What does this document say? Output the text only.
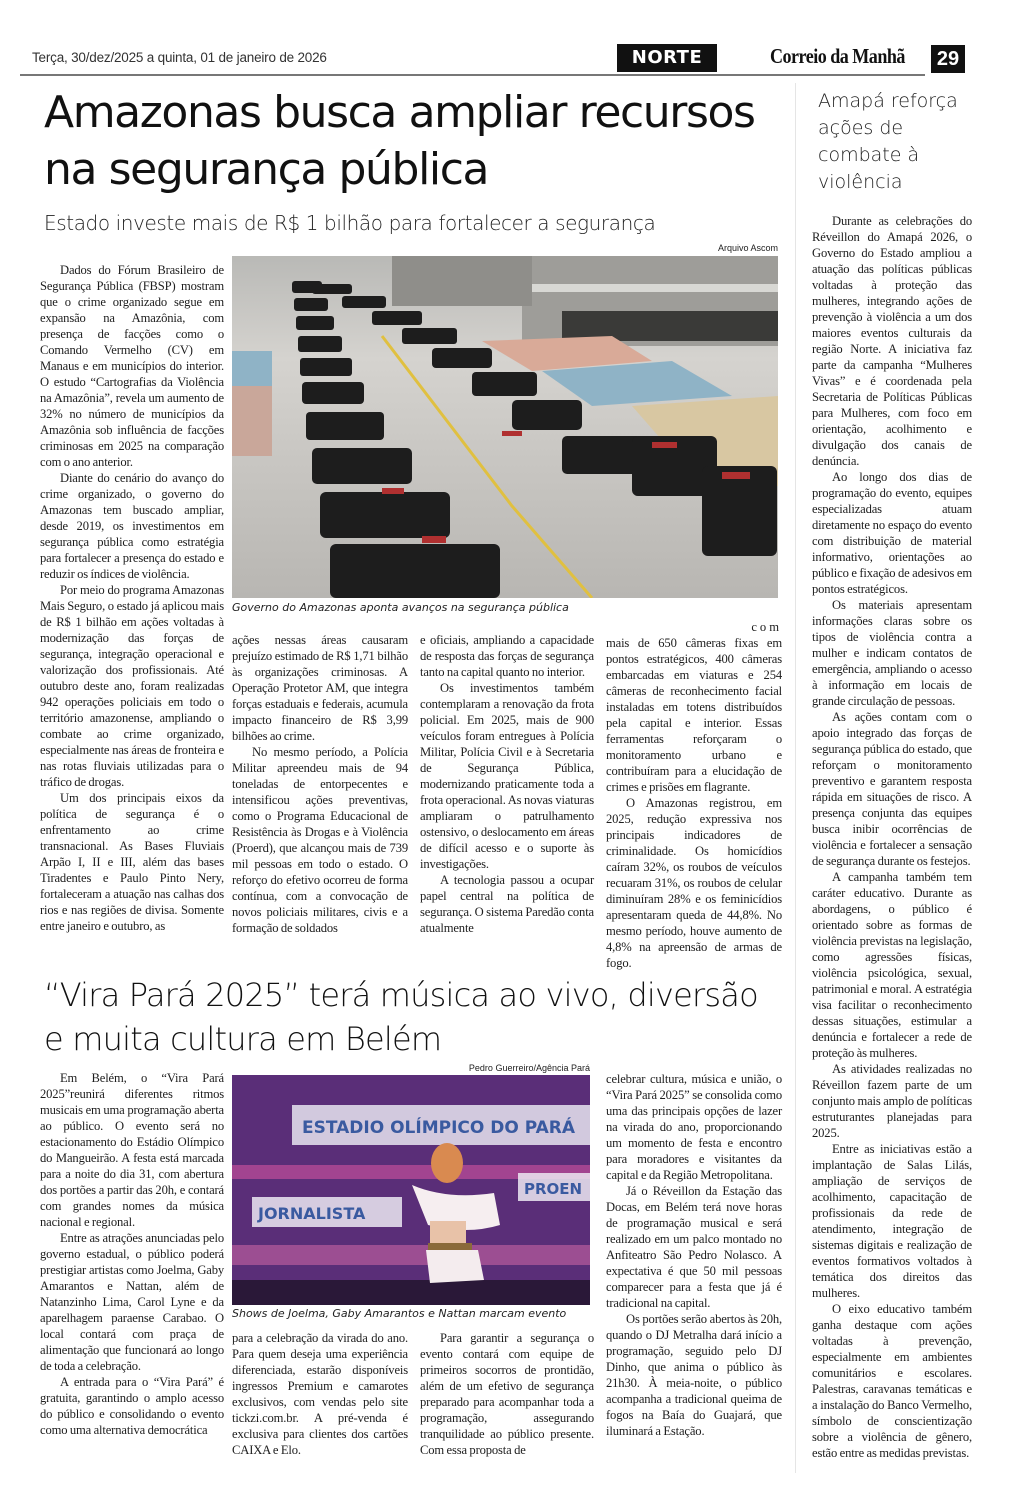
Terça, 30/dez/2025 a quinta, 01 de janeiro de 2026	NORTE	Correio da Manhã 29
Amazonas busca ampliar recursos na segurança pública
Estado investe mais de R$ 1 bilhão para fortalecer a segurança
Arquivo Ascom
Governo do Amazonas aponta avanços na segurança pública

Dados do Fórum Brasileiro de Segurança Pública (FBSP) mostram que o crime organizado segue em expansão na Amazônia, com presença de facções como o Comando Vermelho (CV) em Manaus e em municípios do interior. O estudo “Cartografias da Violência na Amazônia”, revela um aumento de 32% no número de municípios da Amazônia sob influência de facções criminosas em 2025 na comparação com o ano anterior.

Diante do cenário do avanço do crime organizado, o governo do Amazonas tem buscado ampliar, desde 2019, os investimentos em segurança pública como estratégia para fortalecer a presença do estado e reduzir os índices de violência.

Por meio do programa Amazonas Mais Seguro, o estado já aplicou mais de R$ 1 bilhão em ações voltadas à modernização das forças de segurança, integração operacional e valorização dos profissionais. Até outubro deste ano, foram realizadas 942 operações policiais em todo o território amazonense, ampliando o combate ao crime organizado, especialmente nas áreas de fronteira e nas rotas fluviais utilizadas para o tráfico de drogas.

Um dos principais eixos da política de segurança é o enfrentamento ao crime transnacional. As Bases Fluviais Arpão I, II e III, além das bases Tiradentes e Paulo Pinto Nery, fortaleceram a atuação nas calhas dos rios e nas regiões de divisa. Somente entre janeiro e outubro, as

ações nessas áreas causaram prejuízo estimado de R$ 1,71 bilhão às organizações criminosas. A Operação Protetor AM, que integra forças estaduais e federais, acumula impacto financeiro de R$ 3,99 bilhões ao crime.

No mesmo período, a Polícia Militar apreendeu mais de 94 toneladas de entorpecentes e intensificou ações preventivas, como o Programa Educacional de Resistência às Drogas e à Violência (Proerd), que alcançou mais de 739 mil pessoas em todo o estado. O reforço do efetivo ocorreu de forma contínua, com a convocação de novos policiais militares, civis e a formação de soldados

e oficiais, ampliando a capacidade de resposta das forças de segurança tanto na capital quanto no interior.

Os investimentos também contemplaram a renovação da frota policial. Em 2025, mais de 900 veículos foram entregues à Polícia Militar, Polícia Civil e à Secretaria de Segurança Pública, modernizando praticamente toda a frota operacional. As novas viaturas ampliaram o patrulhamento ostensivo, o deslocamento em áreas de difícil acesso e o suporte às investigações.

A tecnologia passou a ocupar papel central na política de segurança. O sistema Paredão conta atualmente

com

mais de 650 câmeras fixas em pontos estratégicos, 400 câmeras embarcadas em viaturas e 254 câmeras de reconhecimento facial instaladas em totens distribuídos pela capital e interior. Essas ferramentas reforçaram o monitoramento urbano e contribuíram para a elucidação de crimes e prisões em flagrante.

O Amazonas registrou, em 2025, redução expressiva nos principais indicadores de criminalidade. Os homicídios caíram 32%, os roubos de veículos recuaram 31%, os roubos de celular diminuíram 28% e os feminicídios apresentaram queda de 44,8%. No mesmo período, houve aumento de 4,8% na apreensão de armas de fogo.

Amapá reforça ações de combate à violência

Durante as celebrações do Réveillon do Amapá 2026, o Governo do Estado ampliou a atuação das políticas públicas voltadas à proteção das mulheres, integrando ações de prevenção à violência a um dos maiores eventos culturais da região Norte. A iniciativa faz parte da campanha “Mulheres Vivas” e é coordenada pela Secretaria de Políticas Públicas para Mulheres, com foco em orientação, acolhimento e divulgação dos canais de denúncia.

Ao longo dos dias de programação do evento, equipes especializadas atuam diretamente no espaço do evento com distribuição de material informativo, orientações ao público e fixação de adesivos em pontos estratégicos.

Os materiais apresentam informações claras sobre os tipos de violência contra a mulher e indicam contatos de emergência, ampliando o acesso à informação em locais de grande circulação de pessoas.

As ações contam com o apoio integrado das forças de segurança pública do estado, que reforçam o monitoramento preventivo e garantem resposta rápida em situações de risco. A presença conjunta das equipes busca inibir ocorrências de violência e fortalecer a sensação de segurança durante os festejos.

A campanha também tem caráter educativo. Durante as abordagens, o público é orientado sobre as formas de violência previstas na legislação, como agressões físicas, violência psicológica, sexual, patrimonial e moral. A estratégia visa facilitar o reconhecimento dessas situações, estimular a denúncia e fortalecer a rede de proteção às mulheres.

As atividades realizadas no Réveillon fazem parte de um conjunto mais amplo de políticas estruturantes planejadas para 2025.

Entre as iniciativas estão a implantação de Salas Lilás, ampliação de serviços de acolhimento, capacitação de profissionais da rede de atendimento, integração de sistemas digitais e realização de eventos formativos voltados à temática dos direitos das mulheres.

O eixo educativo também ganha destaque com ações voltadas à prevenção, especialmente em ambientes comunitários e escolares. Palestras, caravanas temáticas e a instalação do Banco Vermelho, símbolo de conscientização sobre a violência de gênero, estão entre as medidas previstas.

“Vira Pará 2025” terá música ao vivo, diversão e muita cultura em Belém
Pedro Guerreiro/Agência Pará
ESTADIO OLÍMPICO DO PARÁ
JORNALISTA
PROEN
Shows de Joelma, Gaby Amarantos e Nattan marcam evento

Em Belém, o “Vira Pará 2025”reunirá diferentes ritmos musicais em uma programação aberta ao público. O evento será no estacionamento do Estádio Olímpico do Mangueirão. A festa está marcada para a noite do dia 31, com abertura dos portões a partir das 20h, e contará com grandes nomes da música nacional e regional.

Entre as atrações anunciadas pelo governo estadual, o público poderá prestigiar artistas como Joelma, Gaby Amarantos e Nattan, além de Natanzinho Lima, Carol Lyne e da aparelhagem paraense Carabao. O local contará com praça de alimentação que funcionará ao longo de toda a celebração.

A entrada para o “Vira Pará” é gratuita, garantindo o amplo acesso do público e consolidando o evento como uma alternativa democrática

para a celebração da virada do ano. Para quem deseja uma experiência diferenciada, estarão disponíveis ingressos Premium e camarotes exclusivos, com vendas pelo site tickzi.com.br. A pré-venda é exclusiva para clientes dos cartões CAIXA e Elo.

Para garantir a segurança o evento contará com equipe de primeiros socorros de prontidão, além de um efetivo de segurança preparado para acompanhar toda a programação, assegurando tranquilidade ao público presente. Com essa proposta de

celebrar cultura, música e união, o “Vira Pará 2025” se consolida como uma das principais opções de lazer na virada do ano, proporcionando um momento de festa e encontro para moradores e visitantes da capital e da Região Metropolitana.

Já o Réveillon da Estação das Docas, em Belém terá nove horas de programação musical e será realizado em um palco montado no Anfiteatro São Pedro Nolasco. A expectativa é que 50 mil pessoas comparecer para a festa que já é tradicional na capital.

Os portões serão abertos às 20h, quando o DJ Metralha dará início a programação, seguido pelo DJ Dinho, que anima o público às 21h30. À meia-noite, o público acompanha a tradicional queima de fogos na Baía do Guajará, que iluminará a Estação.
